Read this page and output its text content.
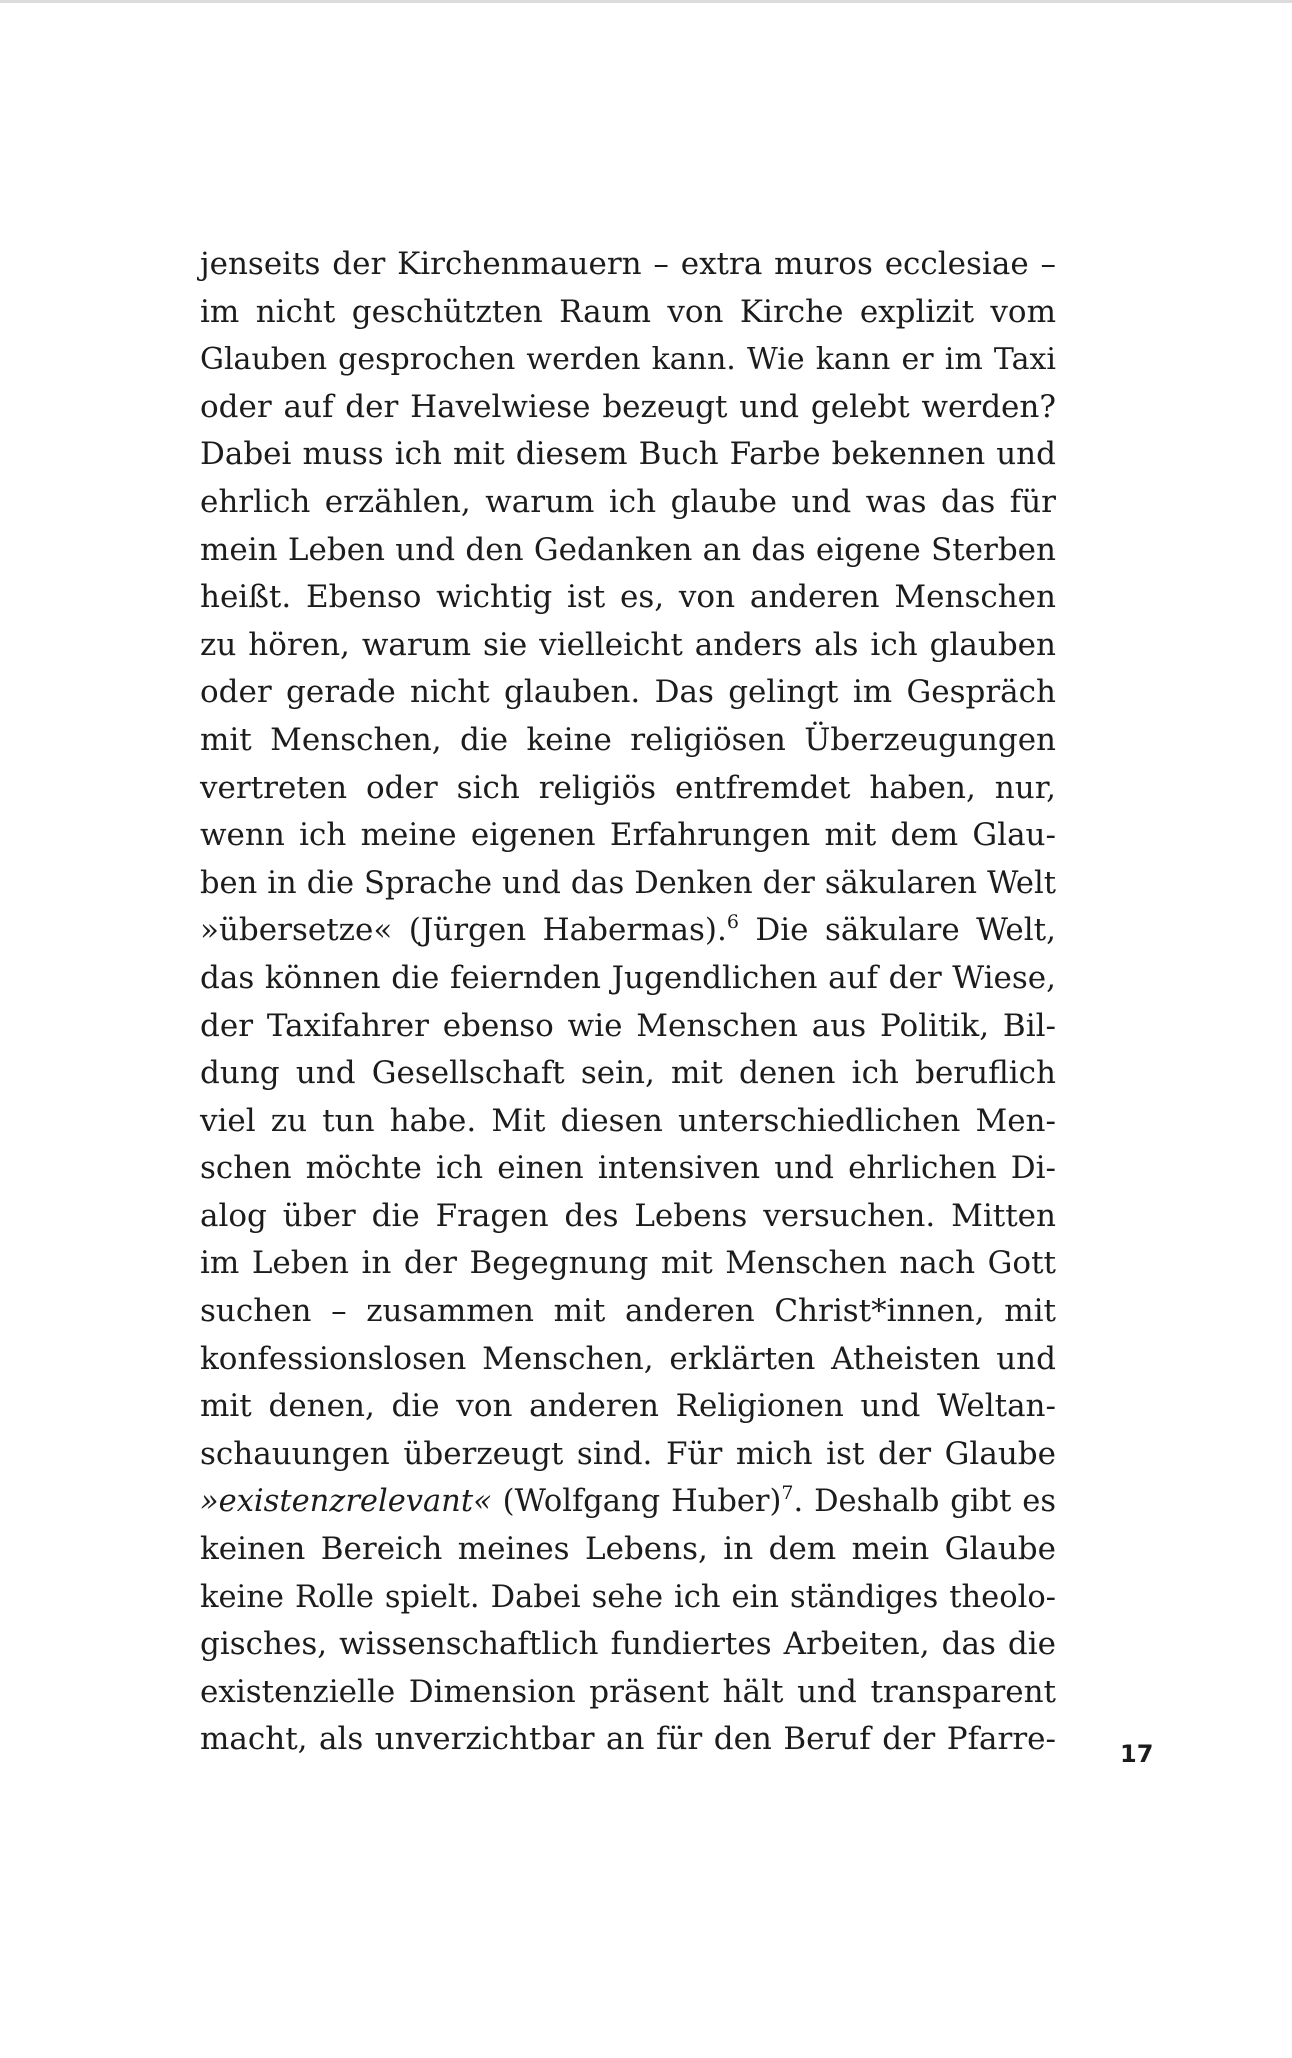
jenseits der Kirchenmauern – extra muros ecclesiae –
im nicht geschützten Raum von Kirche explizit vom
Glauben gesprochen werden kann. Wie kann er im Taxi
oder auf der Havelwiese bezeugt und gelebt werden?
Dabei muss ich mit diesem Buch Farbe bekennen und
ehrlich erzählen, warum ich glaube und was das für
mein Leben und den Gedanken an das eigene Sterben
heißt. Ebenso wichtig ist es, von anderen Menschen
zu hören, warum sie vielleicht anders als ich glauben
oder gerade nicht glauben. Das gelingt im Gespräch
mit Menschen, die keine religiösen Überzeugungen
vertreten oder sich religiös entfremdet haben, nur,
wenn ich meine eigenen Erfahrungen mit dem Glau-
ben in die Sprache und das Denken der säkularen Welt
»übersetze« (Jürgen Habermas).$^6$ Die säkulare Welt,
das können die feiernden Jugendlichen auf der Wiese,
der Taxifahrer ebenso wie Menschen aus Politik, Bil-
dung und Gesellschaft sein, mit denen ich beruflich
viel zu tun habe. Mit diesen unterschiedlichen Men-
schen möchte ich einen intensiven und ehrlichen Di-
alog über die Fragen des Lebens versuchen. Mitten
im Leben in der Begegnung mit Menschen nach Gott
suchen – zusammen mit anderen Christ*innen, mit
konfessionslosen Menschen, erklärten Atheisten und
mit denen, die von anderen Religionen und Weltan-
schauungen überzeugt sind. Für mich ist der Glaube
»existenzrelevant« (Wolfgang Huber)$^7$. Deshalb gibt es
keinen Bereich meines Lebens, in dem mein Glaube
keine Rolle spielt. Dabei sehe ich ein ständiges theolo-
gisches, wissenschaftlich fundiertes Arbeiten, das die
existenzielle Dimension präsent hält und transparent
macht, als unverzichtbar an für den Beruf der Pfarre-	17
